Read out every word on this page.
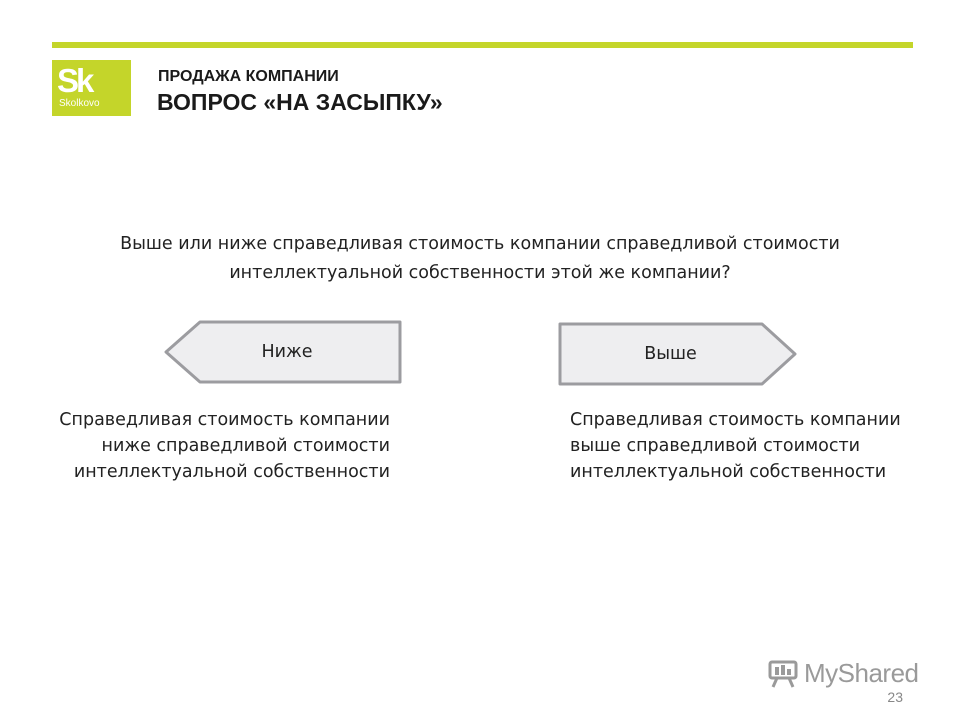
Sk
Skolkovo
ПРОДАЖА КОМПАНИИ
ВОПРОС «НА ЗАСЫПКУ»
Выше или ниже справедливая стоимость компании справедливой стоимости интеллектуальной собственности этой же компании?
Ниже	Выше
Справедливая стоимость компании ниже справедливой стоимости интеллектуальной собственности
Справедливая стоимость компании выше справедливой стоимости интеллектуальной собственности
MyShared
23
